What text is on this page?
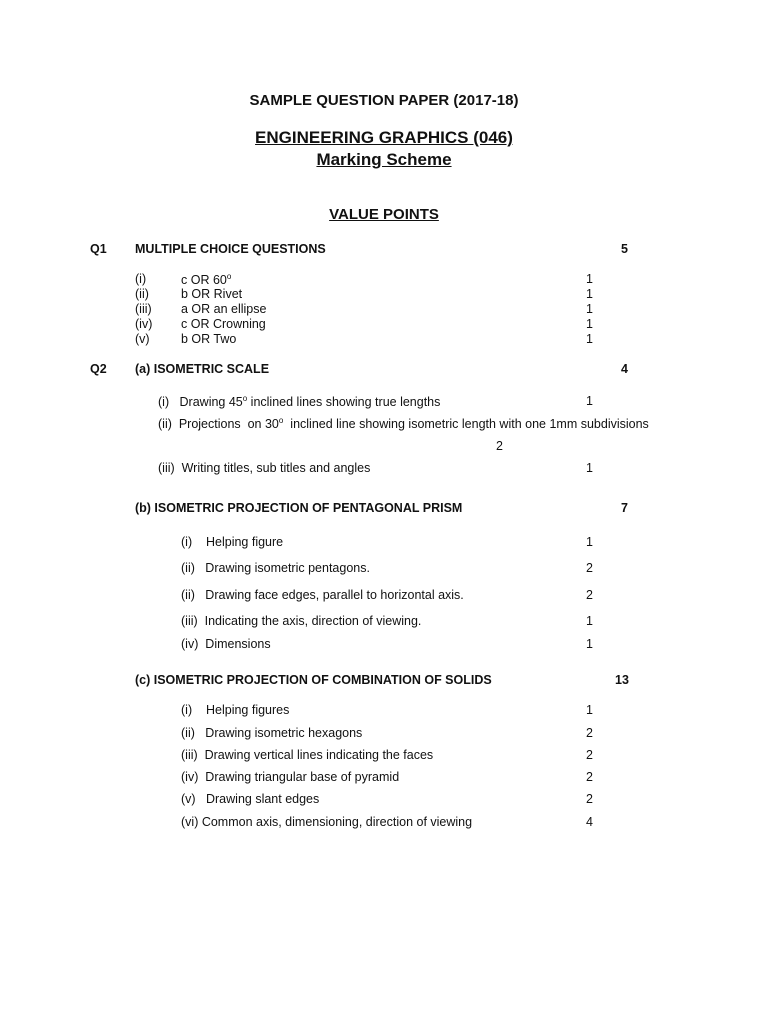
SAMPLE QUESTION PAPER (2017-18)
ENGINEERING GRAPHICS (046)
Marking Scheme
VALUE POINTS
Q1 MULTIPLE CHOICE QUESTIONS	5
(i)	c OR 60$^o$	1
(ii)	b OR Rivet	1
(iii) a OR an ellipse	1
(iv) c OR Crowning	1
(v)	b OR Two	1
Q2 (a) ISOMETRIC SCALE	4
(i)   Drawing 45$^o$ inclined lines showing true lengths	1
(ii)  Projections  on 30$^o$  inclined line showing isometric length with one 1mm subdivisions
2
(iii)  Writing titles, sub titles and angles	1
(b) ISOMETRIC PROJECTION OF PENTAGONAL PRISM	7
(i)    Helping figure	1
(ii)   Drawing isometric pentagons.	2
(ii)   Drawing face edges, parallel to horizontal axis.	2
(iii)  Indicating the axis, direction of viewing.	1
(iv)  Dimensions	1
(c) ISOMETRIC PROJECTION OF COMBINATION OF SOLIDS	13
(i)    Helping figures	1
(ii)   Drawing isometric hexagons	2
(iii)  Drawing vertical lines indicating the faces	2
(iv)  Drawing triangular base of pyramid	2
(v)   Drawing slant edges	2
(vi) Common axis, dimensioning, direction of viewing	4
